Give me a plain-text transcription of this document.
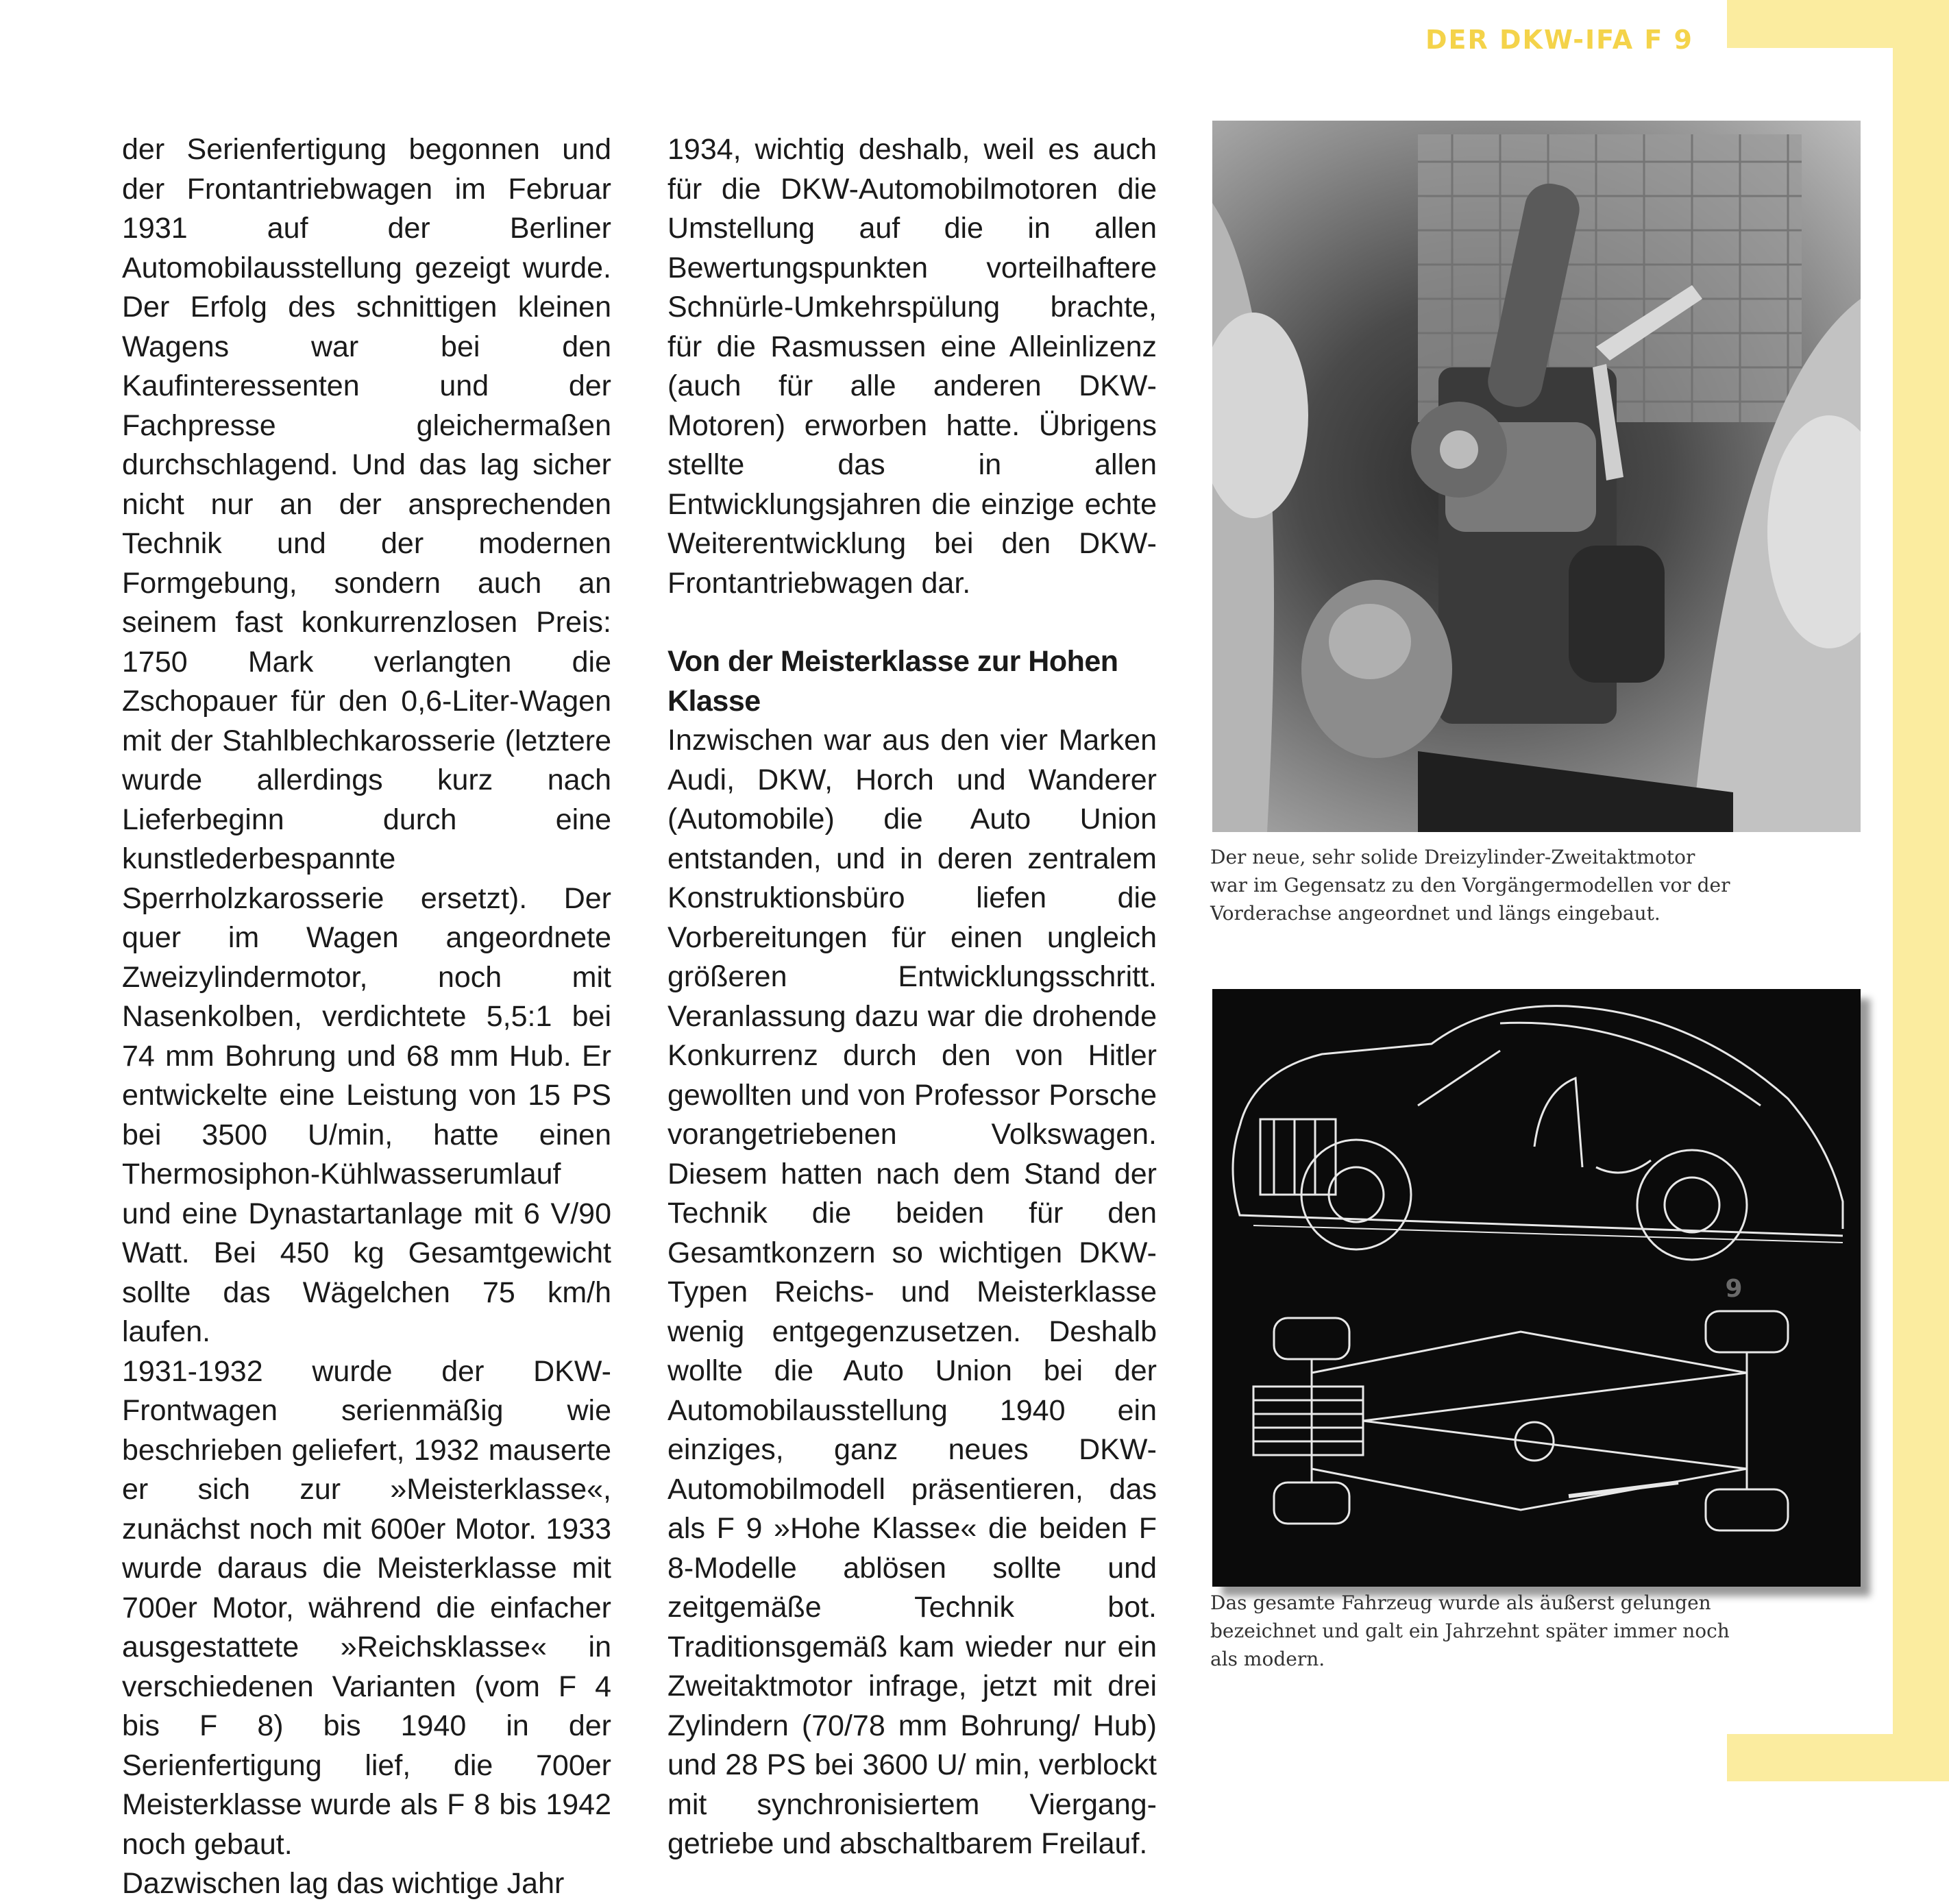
DER DKW-IFA F 9

der Serienfertigung begonnen und der Frontantriebwagen im Februar 1931 auf der Berliner Automobilausstellung gezeigt wurde. Der Erfolg des schnittigen kleinen Wagens war bei den Kaufinteressenten und der Fachpresse gleichermaßen durchschlagend. Und das lag sicher nicht nur an der ansprechenden Technik und der modernen Formgebung, sondern auch an seinem fast konkurrenzlosen Preis: 1750 Mark verlangten die Zschopauer für den 0,6-Liter-Wagen mit der Stahlblechkarosserie (letztere wurde allerdings kurz nach Lieferbeginn durch eine kunstlederbespannte Sperrholzkarosserie ersetzt). Der quer im Wagen angeordnete Zweizylindermotor, noch mit Nasenkolben, verdichtete 5,5:1 bei 74 mm Bohrung und 68 mm Hub. Er entwickelte eine Leistung von 15 PS bei 3500 U/min, hatte einen Thermosiphon-Kühlwasserumlauf und eine Dynastartanlage mit 6 V/90 Watt. Bei 450 kg Gesamtgewicht sollte das Wägelchen 75 km/h laufen.

1931-1932 wurde der DKW-Frontwagen serienmäßig wie beschrieben geliefert, 1932 mauserte er sich zur »Meisterklasse«, zunächst noch mit 600er Motor. 1933 wurde daraus die Meisterklasse mit 700er Motor, während die einfacher ausgestattete »Reichsklasse« in verschiedenen Varianten (vom F 4 bis F 8) bis 1940 in der Serienfertigung lief, die 700er Meisterklasse wurde als F 8 bis 1942 noch gebaut.

Dazwischen lag das wichtige Jahr

1934, wichtig deshalb, weil es auch für die DKW-Automobilmotoren die Umstellung auf die in allen Bewertungspunkten vorteilhaftere Schnürle-Umkehrspülung brachte, für die Rasmussen eine Alleinlizenz (auch für alle anderen DKW-Motoren) erworben hatte. Übrigens stellte das in allen Entwicklungsjahren die einzige echte Weiterentwicklung bei den DKW-Frontantriebwagen dar.

Von der Meisterklasse zur Hohen Klasse

Inzwischen war aus den vier Marken Audi, DKW, Horch und Wanderer (Automobile) die Auto Union entstanden, und in deren zentralem Konstruktionsbüro liefen die Vorbereitungen für einen ungleich größeren Entwicklungsschritt. Veranlassung dazu war die drohende Konkurrenz durch den von Hitler gewollten und von Professor Porsche vorangetriebenen Volkswagen. Diesem hatten nach dem Stand der Technik die beiden für den Gesamtkonzern so wichtigen DKW-Typen Reichs- und Meisterklasse wenig entgegenzusetzen. Deshalb wollte die Auto Union bei der Automobilausstellung 1940 ein einziges, ganz neues DKW-Automobilmodell präsentieren, das als F 9 »Hohe Klasse« die beiden F 8-Modelle ablösen sollte und zeitgemäße Technik bot. Traditionsgemäß kam wieder nur ein Zweitaktmotor infrage, jetzt mit drei Zylindern (70/78 mm Bohrung/ Hub) und 28 PS bei 3600 U/ min, verblockt mit synchronisiertem Viergang-getriebe und abschaltbarem Freilauf.

Der neue, sehr solide Dreizylinder-Zweitaktmotor war im Gegensatz zu den Vorgängermodellen vor der Vorderachse angeordnet und längs eingebaut.
Das gesamte Fahrzeug wurde als äußerst gelungen bezeichnet und galt ein Jahrzehnt später immer noch als modern.
9
